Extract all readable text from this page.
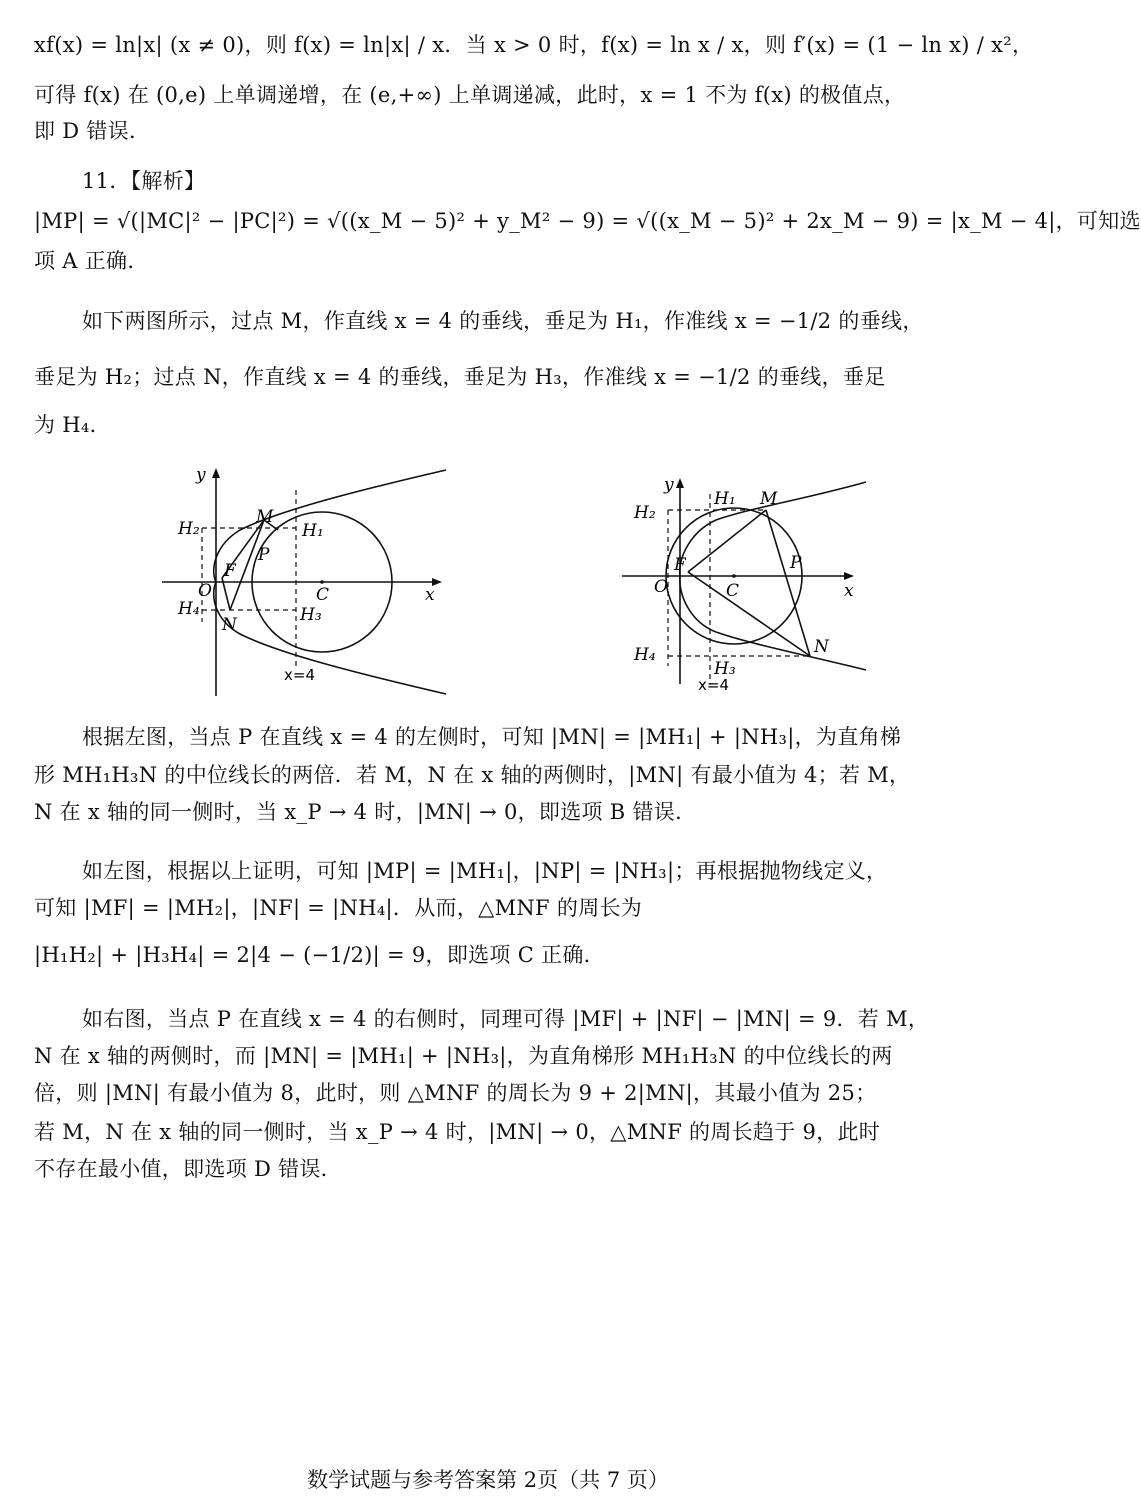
xf(x) = ln|x| (x ≠ 0)，则 f(x) = ln|x| / x．当 x > 0 时，f(x) = ln x / x，则 f′(x) = (1 − ln x) / x²，
可得 f(x) 在 (0,e) 上单调递增，在 (e,+∞) 上单调递减，此时，x = 1 不为 f(x) 的极值点，
即 D 错误．
11．【解析】
|MP| = √(|MC|² − |PC|²) = √((x_M − 5)² + y_M² − 9) = √((x_M − 5)² + 2x_M − 9) = |x_M − 4|，可知选
项 A 正确．
如下两图所示，过点 M，作直线 x = 4 的垂线，垂足为 H₁，作准线 x = −1/2 的垂线，
垂足为 H₂；过点 N，作直线 x = 4 的垂线，垂足为 H₃，作准线 x = −1/2 的垂线，垂足
为 H₄．
根据左图，当点 P 在直线 x = 4 的左侧时，可知 |MN| = |MH₁| + |NH₃|，为直角梯
形 MH₁H₃N 的中位线长的两倍．若 M，N 在 x 轴的两侧时，|MN| 有最小值为 4；若 M，
N 在 x 轴的同一侧时，当 x_P → 4 时，|MN| → 0，即选项 B 错误．
如左图，根据以上证明，可知 |MP| = |MH₁|，|NP| = |NH₃|；再根据抛物线定义，
可知 |MF| = |MH₂|，|NF| = |NH₄|．从而，△MNF 的周长为
|H₁H₂| + |H₃H₄| = 2|4 − (−1/2)| = 9，即选项 C 正确．
如右图，当点 P 在直线 x = 4 的右侧时，同理可得 |MF| + |NF| − |MN| = 9．若 M，
N 在 x 轴的两侧时，而 |MN| = |MH₁| + |NH₃|，为直角梯形 MH₁H₃N 的中位线长的两
倍，则 |MN| 有最小值为 8，此时，则 △MNF 的周长为 9 + 2|MN|，其最小值为 25；
若 M，N 在 x 轴的同一侧时，当 x_P → 4 时，|MN| → 0，△MNF 的周长趋于 9，此时
不存在最小值，即选项 D 错误．
y
x
O
F
M
P
N
C
H₁
H₂
H₃
H₄
x=4
y
x
O
F
M
P
N
C
H₁
H₂
H₃
H₄
x=4
数学试题与参考答案第 2页（共 7 页）
